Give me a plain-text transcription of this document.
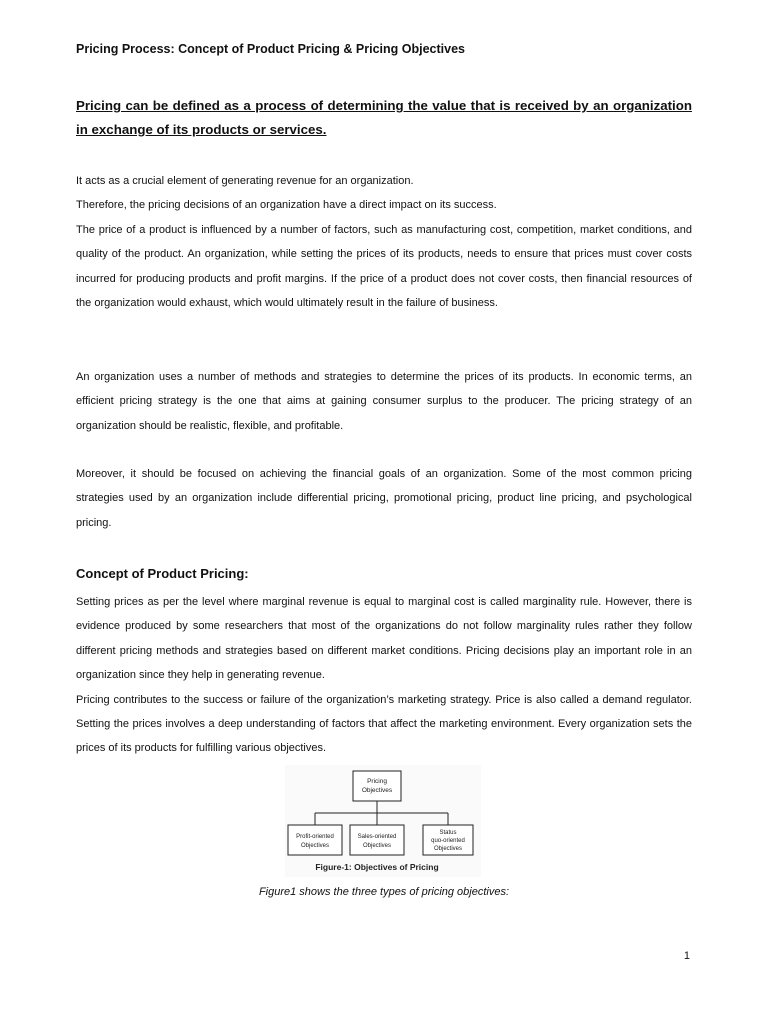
Pricing Process: Concept of Product Pricing & Pricing Objectives
Pricing can be defined as a process of determining the value that is received by an organization in exchange of its products or services.

It acts as a crucial element of generating revenue for an organization.

Therefore, the pricing decisions of an organization have a direct impact on its success.

The price of a product is influenced by a number of factors, such as manufacturing cost, competition, market conditions, and quality of the product. An organization, while setting the prices of its products, needs to ensure that prices must cover costs incurred for producing products and profit margins. If the price of a product does not cover costs, then financial resources of the organization would exhaust, which would ultimately result in the failure of business.

An organization uses a number of methods and strategies to determine the prices of its products. In economic terms, an efficient pricing strategy is the one that aims at gaining consumer surplus to the producer. The pricing strategy of an organization should be realistic, flexible, and profitable.
Moreover, it should be focused on achieving the financial goals of an organization. Some of the most common pricing strategies used by an organization include differential pricing, promotional pricing, product line pricing, and psychological pricing.
Concept of Product Pricing:

Setting prices as per the level where marginal revenue is equal to marginal cost is called marginality rule. However, there is evidence produced by some researchers that most of the organizations do not follow marginality rules rather they follow different pricing methods and strategies based on different market conditions. Pricing decisions play an important role in an organization since they help in generating revenue.

Pricing contributes to the success or failure of the organization’s marketing strategy. Price is also called a demand regulator. Setting the prices involves a deep understanding of factors that affect the marketing environment. Every organization sets the prices of its products for fulfilling various objectives.

Pricing
Objectives
Profit-oriented
Objectives
Sales-oriented
Objectives
Status
quo-oriented
Objectives
Figure-1: Objectives of Pricing
Figure1 shows the three types of pricing objectives:
1
